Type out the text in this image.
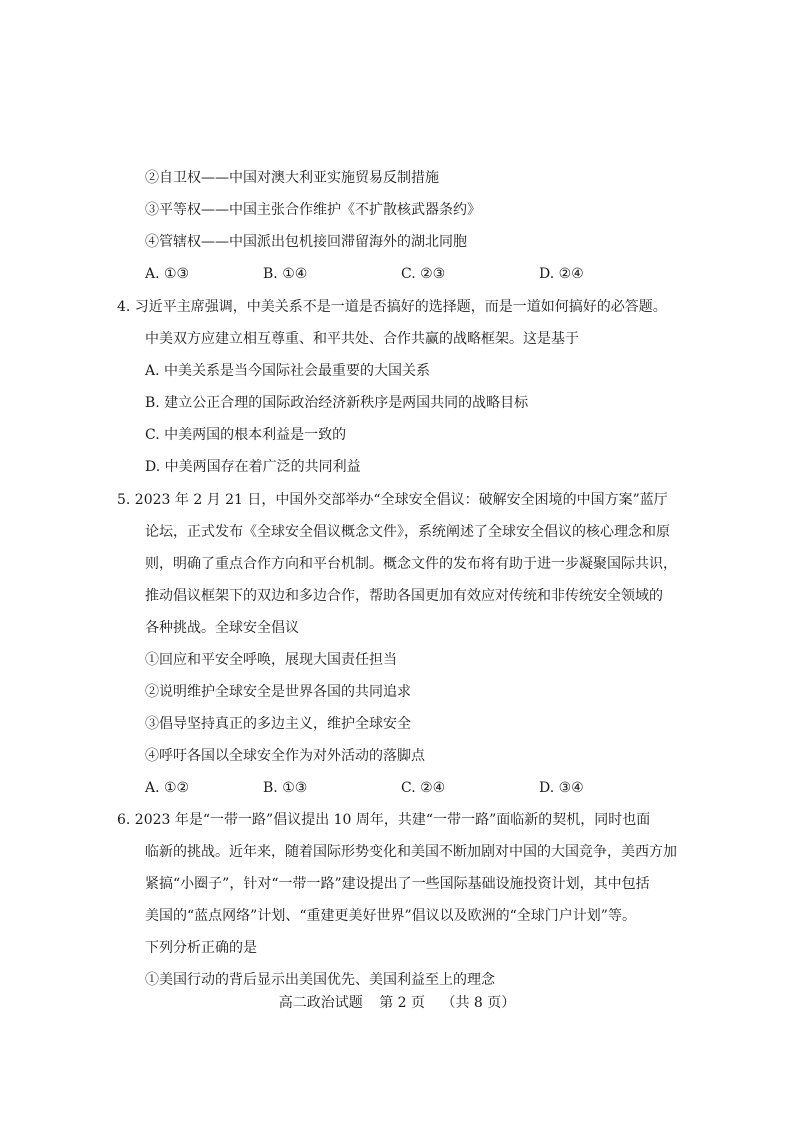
②自卫权——中国对澳大利亚实施贸易反制措施
③平等权——中国主张合作维护《不扩散核武器条约》
④管辖权——中国派出包机接回滞留海外的湖北同胞
A. ①③	B. ①④	C. ②③	D. ②④
4. 习近平主席强调，中美关系不是一道是否搞好的选择题，而是一道如何搞好的必答题。
中美双方应建立相互尊重、和平共处、合作共赢的战略框架。这是基于
A. 中美关系是当今国际社会最重要的大国关系
B. 建立公正合理的国际政治经济新秩序是两国共同的战略目标
C. 中美两国的根本利益是一致的
D. 中美两国存在着广泛的共同利益
5. 2023 年 2 月 21 日，中国外交部举办“全球安全倡议：破解安全困境的中国方案”蓝厅
论坛，正式发布《全球安全倡议概念文件》，系统阐述了全球安全倡议的核心理念和原
则，明确了重点合作方向和平台机制。概念文件的发布将有助于进一步凝聚国际共识，
推动倡议框架下的双边和多边合作，帮助各国更加有效应对传统和非传统安全领域的
各种挑战。全球安全倡议
①回应和平安全呼唤，展现大国责任担当
②说明维护全球安全是世界各国的共同追求
③倡导坚持真正的多边主义，维护全球安全
④呼吁各国以全球安全作为对外活动的落脚点
A. ①②	B. ①③	C. ②④	D. ③④
6. 2023 年是“一带一路”倡议提出 10 周年，共建“一带一路”面临新的契机，同时也面
临新的挑战。近年来，随着国际形势变化和美国不断加剧对中国的大国竞争，美西方加
紧搞“小圈子”，针对“一带一路”建设提出了一些国际基础设施投资计划，其中包括
美国的“蓝点网络”计划、“重建更美好世界”倡议以及欧洲的“全球门户计划”等。
下列分析正确的是
①美国行动的背后显示出美国优先、美国利益至上的理念
高二政治试题 第 2 页 （共 8 页）
